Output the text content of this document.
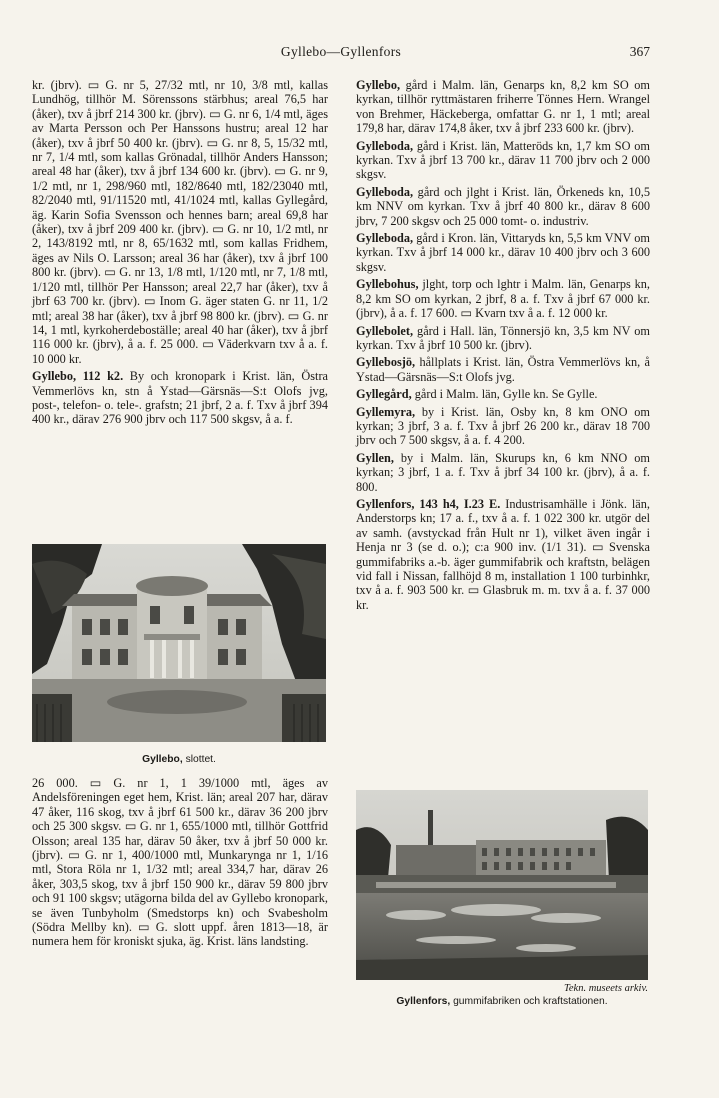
Gyllebo—Gyllenfors	367

kr. (jbrv). ▭ G. nr 5, 27/32 mtl, nr 10, 3/8 mtl, kallas Lundhög, tillhör M. Sörenssons stärbhus; areal 76,5 har (åker), txv å jbrf 214 300 kr. (jbrv). ▭ G. nr 6, 1/4 mtl, äges av Marta Persson och Per Hanssons hustru; areal 12 har (åker), txv å jbrf 50 400 kr. (jbrv). ▭ G. nr 8, 5, 15/32 mtl, nr 7, 1/4 mtl, som kallas Grönadal, tillhör Anders Hansson; areal 48 har (åker), txv å jbrf 134 600 kr. (jbrv). ▭ G. nr 9, 1/2 mtl, nr 1, 298/960 mtl, 182/8640 mtl, 182/23040 mtl, 82/2040 mtl, 91/11520 mtl, 41/1024 mtl, kallas Gyllegård, äg. Karin Sofia Svensson och hennes barn; areal 69,8 har (åker), txv å jbrf 209 400 kr. (jbrv). ▭ G. nr 10, 1/2 mtl, nr 2, 143/8192 mtl, nr 8, 65/1632 mtl, som kallas Fridhem, äges av Nils O. Larsson; areal 36 har (åker), txv å jbrf 100 800 kr. (jbrv). ▭ G. nr 13, 1/8 mtl, 1/120 mtl, nr 7, 1/8 mtl, 1/120 mtl, tillhör Per Hansson; areal 22,7 har (åker), txv å jbrf 63 700 kr. (jbrv). ▭ Inom G. äger staten G. nr 11, 1/2 mtl; areal 38 har (åker), txv å jbrf 98 800 kr. (jbrv). ▭ G. nr 14, 1 mtl, kyrkoherdeboställe; areal 40 har (åker), txv å jbrf 116 000 kr. (jbrv), å a. f. 25 000. ▭ Väderkvarn txv å a. f. 10 000 kr.

Gyllebo, 112 k2. By och kronopark i Krist. län, Östra Vemmerlövs kn, stn å Ystad—Gärsnäs—S:t Olofs jvg, post-, telefon- o. tele-. grafstn; 21 jbrf, 2 a. f. Txv å jbrf 394 400 kr., därav 276 900 jbrv och 117 500 skgsv, å a. f.

Gyllebo, slottet.

26 000. ▭ G. nr 1, 1 39/1000 mtl, äges av Andelsföreningen eget hem, Krist. län; areal 207 har, därav 47 åker, 116 skog, txv å jbrf 61 500 kr., därav 36 200 jbrv och 25 300 skgsv. ▭ G. nr 1, 655/1000 mtl, tillhör Gottfrid Olsson; areal 135 har, därav 50 åker, txv å jbrf 50 000 kr. (jbrv). ▭ G. nr 1, 400/1000 mtl, Munkarynga nr 1, 1/16 mtl, Stora Röla nr 1, 1/32 mtl; areal 334,7 har, därav 26 åker, 303,5 skog, txv å jbrf 150 900 kr., därav 59 800 jbrv och 91 100 skgsv; utägorna bilda del av Gyllebo kronopark, se även Tunbyholm (Smedstorps kn) och Svabesholm (Södra Mellby kn). ▭ G. slott uppf. åren 1813—18, är numera hem för kroniskt sjuka, äg. Krist. läns landsting.

Gyllebo, gård i Malm. län, Genarps kn, 8,2 km SO om kyrkan, tillhör ryttmästaren friherre Tönnes Hern. Wrangel von Brehmer, Häckeberga, omfattar G. nr 1, 1 mtl; areal 179,8 har, därav 174,8 åker, txv å jbrf 233 600 kr. (jbrv).

Gylleboda, gård i Krist. län, Matteröds kn, 1,7 km SO om kyrkan. Txv å jbrf 13 700 kr., därav 11 700 jbrv och 2 000 skgsv.

Gylleboda, gård och jlght i Krist. län, Örkeneds kn, 10,5 km NNV om kyrkan. Txv å jbrf 40 800 kr., därav 8 600 jbrv, 7 200 skgsv och 25 000 tomt- o. industriv.

Gylleboda, gård i Kron. län, Vittaryds kn, 5,5 km VNV om kyrkan. Txv å jbrf 14 000 kr., därav 10 400 jbrv och 3 600 skgsv.

Gyllebohus, jlght, torp och lghtr i Malm. län, Genarps kn, 8,2 km SO om kyrkan, 2 jbrf, 8 a. f. Txv å jbrf 67 000 kr. (jbrv), å a. f. 17 600. ▭ Kvarn txv å a. f. 12 000 kr.

Gyllebolet, gård i Hall. län, Tönnersjö kn, 3,5 km NV om kyrkan. Txv å jbrf 10 500 kr. (jbrv).

Gyllebosjö, hållplats i Krist. län, Östra Vemmerlövs kn, å Ystad—Gärsnäs—S:t Olofs jvg.

Gyllegård, gård i Malm. län, Gylle kn. Se Gylle.

Gyllemyra, by i Krist. län, Osby kn, 8 km ONO om kyrkan; 3 jbrf, 3 a. f. Txv å jbrf 26 200 kr., därav 18 700 jbrv och 7 500 skgsv, å a. f. 4 200.

Gyllen, by i Malm. län, Skurups kn, 6 km NNO om kyrkan; 3 jbrf, 1 a. f. Txv å jbrf 34 100 kr. (jbrv), å a. f. 800.

Gyllenfors, 143 h4, I.23 E. Industrisamhälle i Jönk. län, Anderstorps kn; 17 a. f., txv å a. f. 1 022 300 kr. utgör del av samh. (avstyckad från Hult nr 1), vilket även ingår i Henja nr 3 (se d. o.); c:a 900 inv. (1/1 31). ▭ Svenska gummifabriks a.-b. äger gummifabrik och kraftstn, belägen vid fall i Nissan, fallhöjd 8 m, installation 1 100 turbinhkr, txv å a. f. 903 500 kr. ▭ Glasbruk m. m. txv å a. f. 37 000 kr.

Tekn. museets arkiv.
Gyllenfors, gummifabriken och kraftstationen.
